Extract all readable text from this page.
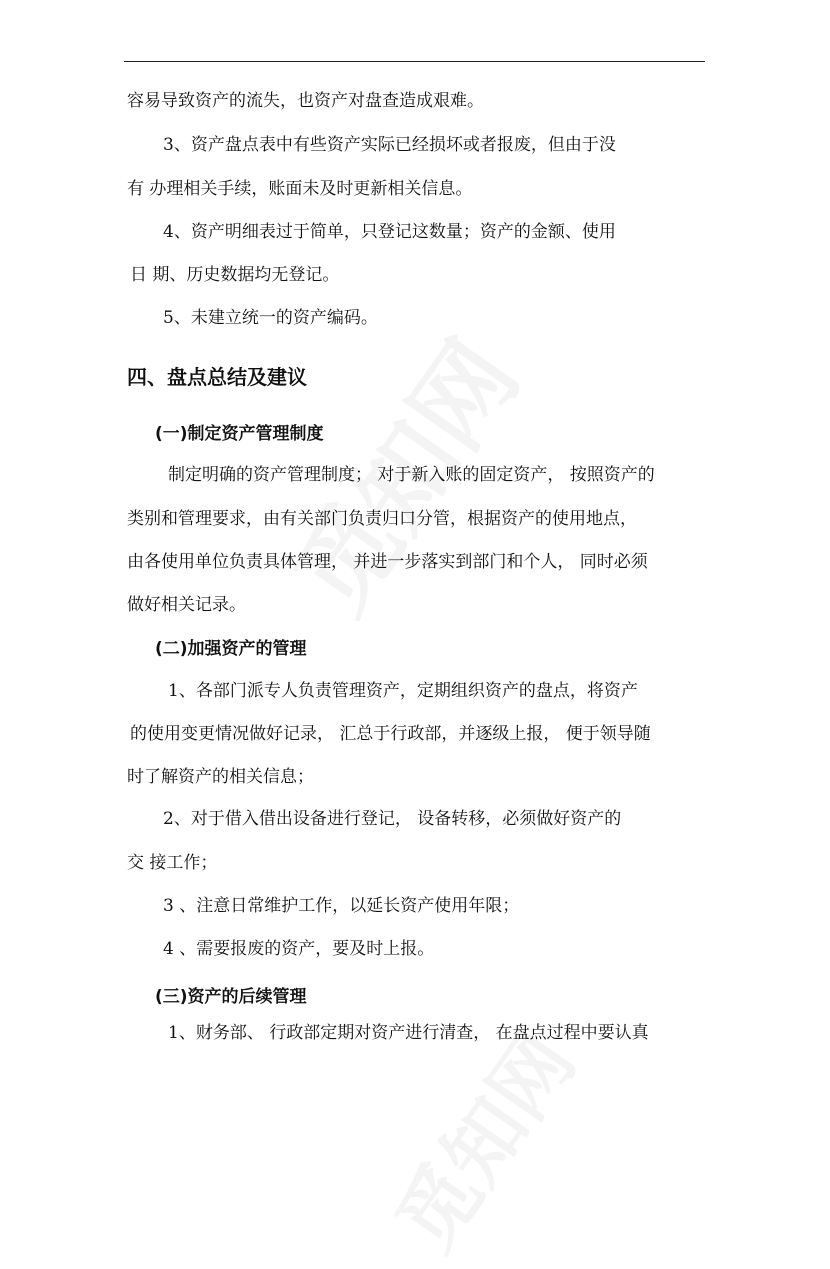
容易导致资产的流失，也资产对盘查造成艰难。
3、资产盘点表中有些资产实际已经损坏或者报废，但由于没
有 办理相关手续，账面未及时更新相关信息。
4、资产明细表过于简单，只登记这数量；资产的金额、使用
日 期、历史数据均无登记。
5、未建立统一的资产编码。
四、盘点总结及建议
(一)制定资产管理制度
制定明确的资产管理制度； 对于新入账的固定资产， 按照资产的
类别和管理要求，由有关部门负责归口分管，根据资产的使用地点，
由各使用单位负责具体管理， 并进一步落实到部门和个人， 同时必须
做好相关记录。
(二)加强资产的管理
1、各部门派专人负责管理资产，定期组织资产的盘点，将资产
的使用变更情况做好记录， 汇总于行政部，并逐级上报， 便于领导随
时了解资产的相关信息；
2、对于借入借出设备进行登记， 设备转移，必须做好资产的
交 接工作；
3 、注意日常维护工作，以延长资产使用年限；
4 、需要报废的资产，要及时上报。
(三)资产的后续管理
1、财务部、 行政部定期对资产进行清查， 在盘点过程中要认真
